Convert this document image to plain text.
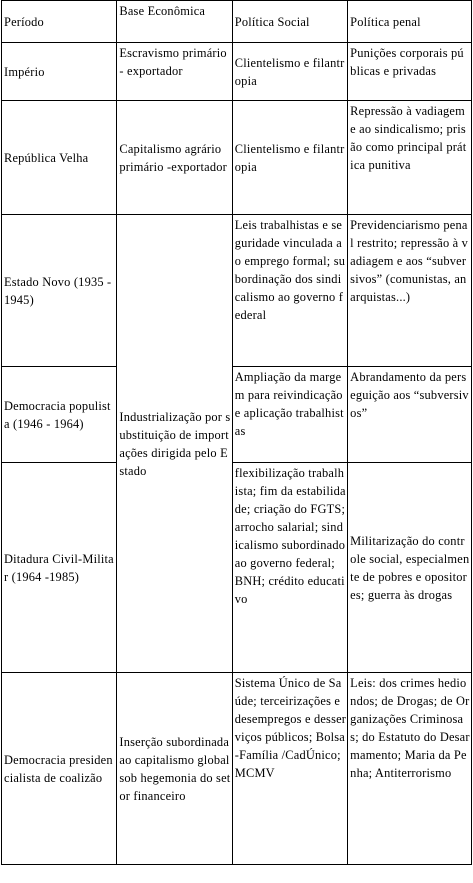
Período	Base Econômica	Política Social	Política penal
Império	Escravismo primário - exportador	Clientelismo e filantropia	Punições corporais públicas e privadas
República Velha	Capitalismo agrário primário -exportador	Clientelismo e filantropia	Repressão à vadiagem e ao sindicalismo; prisão como principal prática punitiva
Estado Novo (1935 - 1945)	Industrialização por substituição de importações dirigida pelo Estado	Leis trabalhistas e seguridade vinculada ao emprego formal; subordinação dos sindicalismo ao governo federal	Previdenciarismo penal restrito; repressão à vadiagem e aos “subversivos” (comunistas, anarquistas...)
Democracia populista (1946 - 1964)		Ampliação da margem para reivindicação e aplicação trabalhistas	Abrandamento da perseguição aos “subversivos”
Ditadura Civil-Militar (1964 -1985)		flexibilização trabalhista; fim da estabilidade; criação do FGTS; arrocho salarial; sindicalismo subordinado ao governo federal; BNH; crédito educativo	Militarização do controle social, especialmente de pobres e opositores; guerra às drogas
Democracia presidencialista de coalizão	Inserção subordinada ao capitalismo global sob hegemonia do setor financeiro	Sistema Único de Saúde; terceirizações e desempregos e desserviços públicos; Bolsa -Família /CadÚnico; MCMV	Leis: dos crimes hediondos; de Drogas; de Organizações Criminosas; do Estatuto do Desarmamento; Maria da Penha; Antiterrorismo
